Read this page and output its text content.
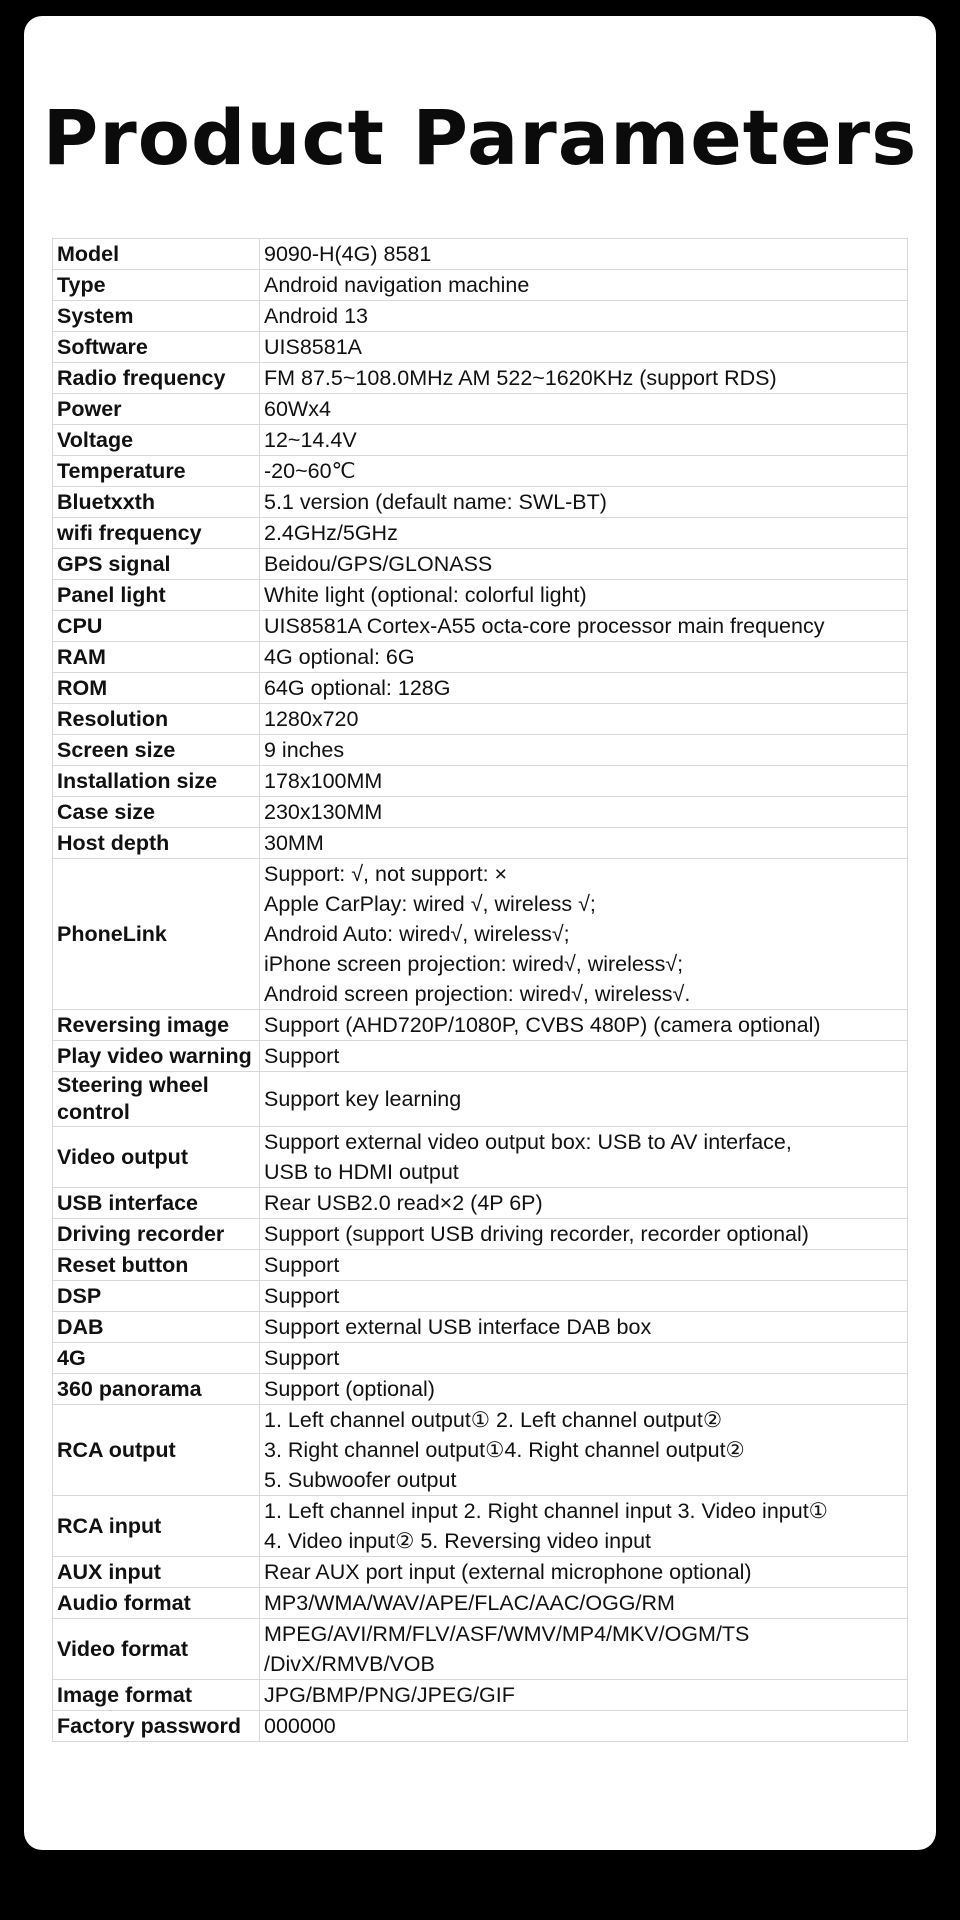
Product Parameters
Model	9090-H(4G) 8581
Type	Android navigation machine
System	Android 13
Software	UIS8581A
Radio frequency	FM 87.5~108.0MHz AM 522~1620KHz (support RDS)
Power	60Wx4
Voltage	12~14.4V
Temperature	-20~60℃
Bluetxxth	5.1 version (default name: SWL-BT)
wifi frequency	2.4GHz/5GHz
GPS signal	Beidou/GPS/GLONASS
Panel light	White light (optional: colorful light)
CPU	UIS8581A Cortex-A55 octa-core processor main frequency
RAM	4G optional: 6G
ROM	64G optional: 128G
Resolution	1280x720
Screen size	9 inches
Installation size	178x100MM
Case size	230x130MM
Host depth	30MM
PhoneLink	Support: √, not support: ×
Apple CarPlay: wired √, wireless √;
Android Auto: wired√, wireless√;
iPhone screen projection: wired√, wireless√;
Android screen projection: wired√, wireless√.
Reversing image	Support (AHD720P/1080P, CVBS 480P) (camera optional)
Play video warning	Support
Steering wheel control	Support key learning
Video output	Support external video output box: USB to AV interface,
USB to HDMI output
USB interface	Rear USB2.0 read×2 (4P 6P)
Driving recorder	Support (support USB driving recorder, recorder optional)
Reset button	Support
DSP	Support
DAB	Support external USB interface DAB box
4G	Support
360 panorama	Support (optional)
RCA output	1. Left channel output① 2. Left channel output②
3. Right channel output①4. Right channel output②
5. Subwoofer output
RCA input	1. Left channel input 2. Right channel input 3. Video input①
4. Video input② 5. Reversing video input
AUX input	Rear AUX port input (external microphone optional)
Audio format	MP3/WMA/WAV/APE/FLAC/AAC/OGG/RM
Video format	MPEG/AVI/RM/FLV/ASF/WMV/MP4/MKV/OGM/TS
/DivX/RMVB/VOB
Image format	JPG/BMP/PNG/JPEG/GIF
Factory password	000000
